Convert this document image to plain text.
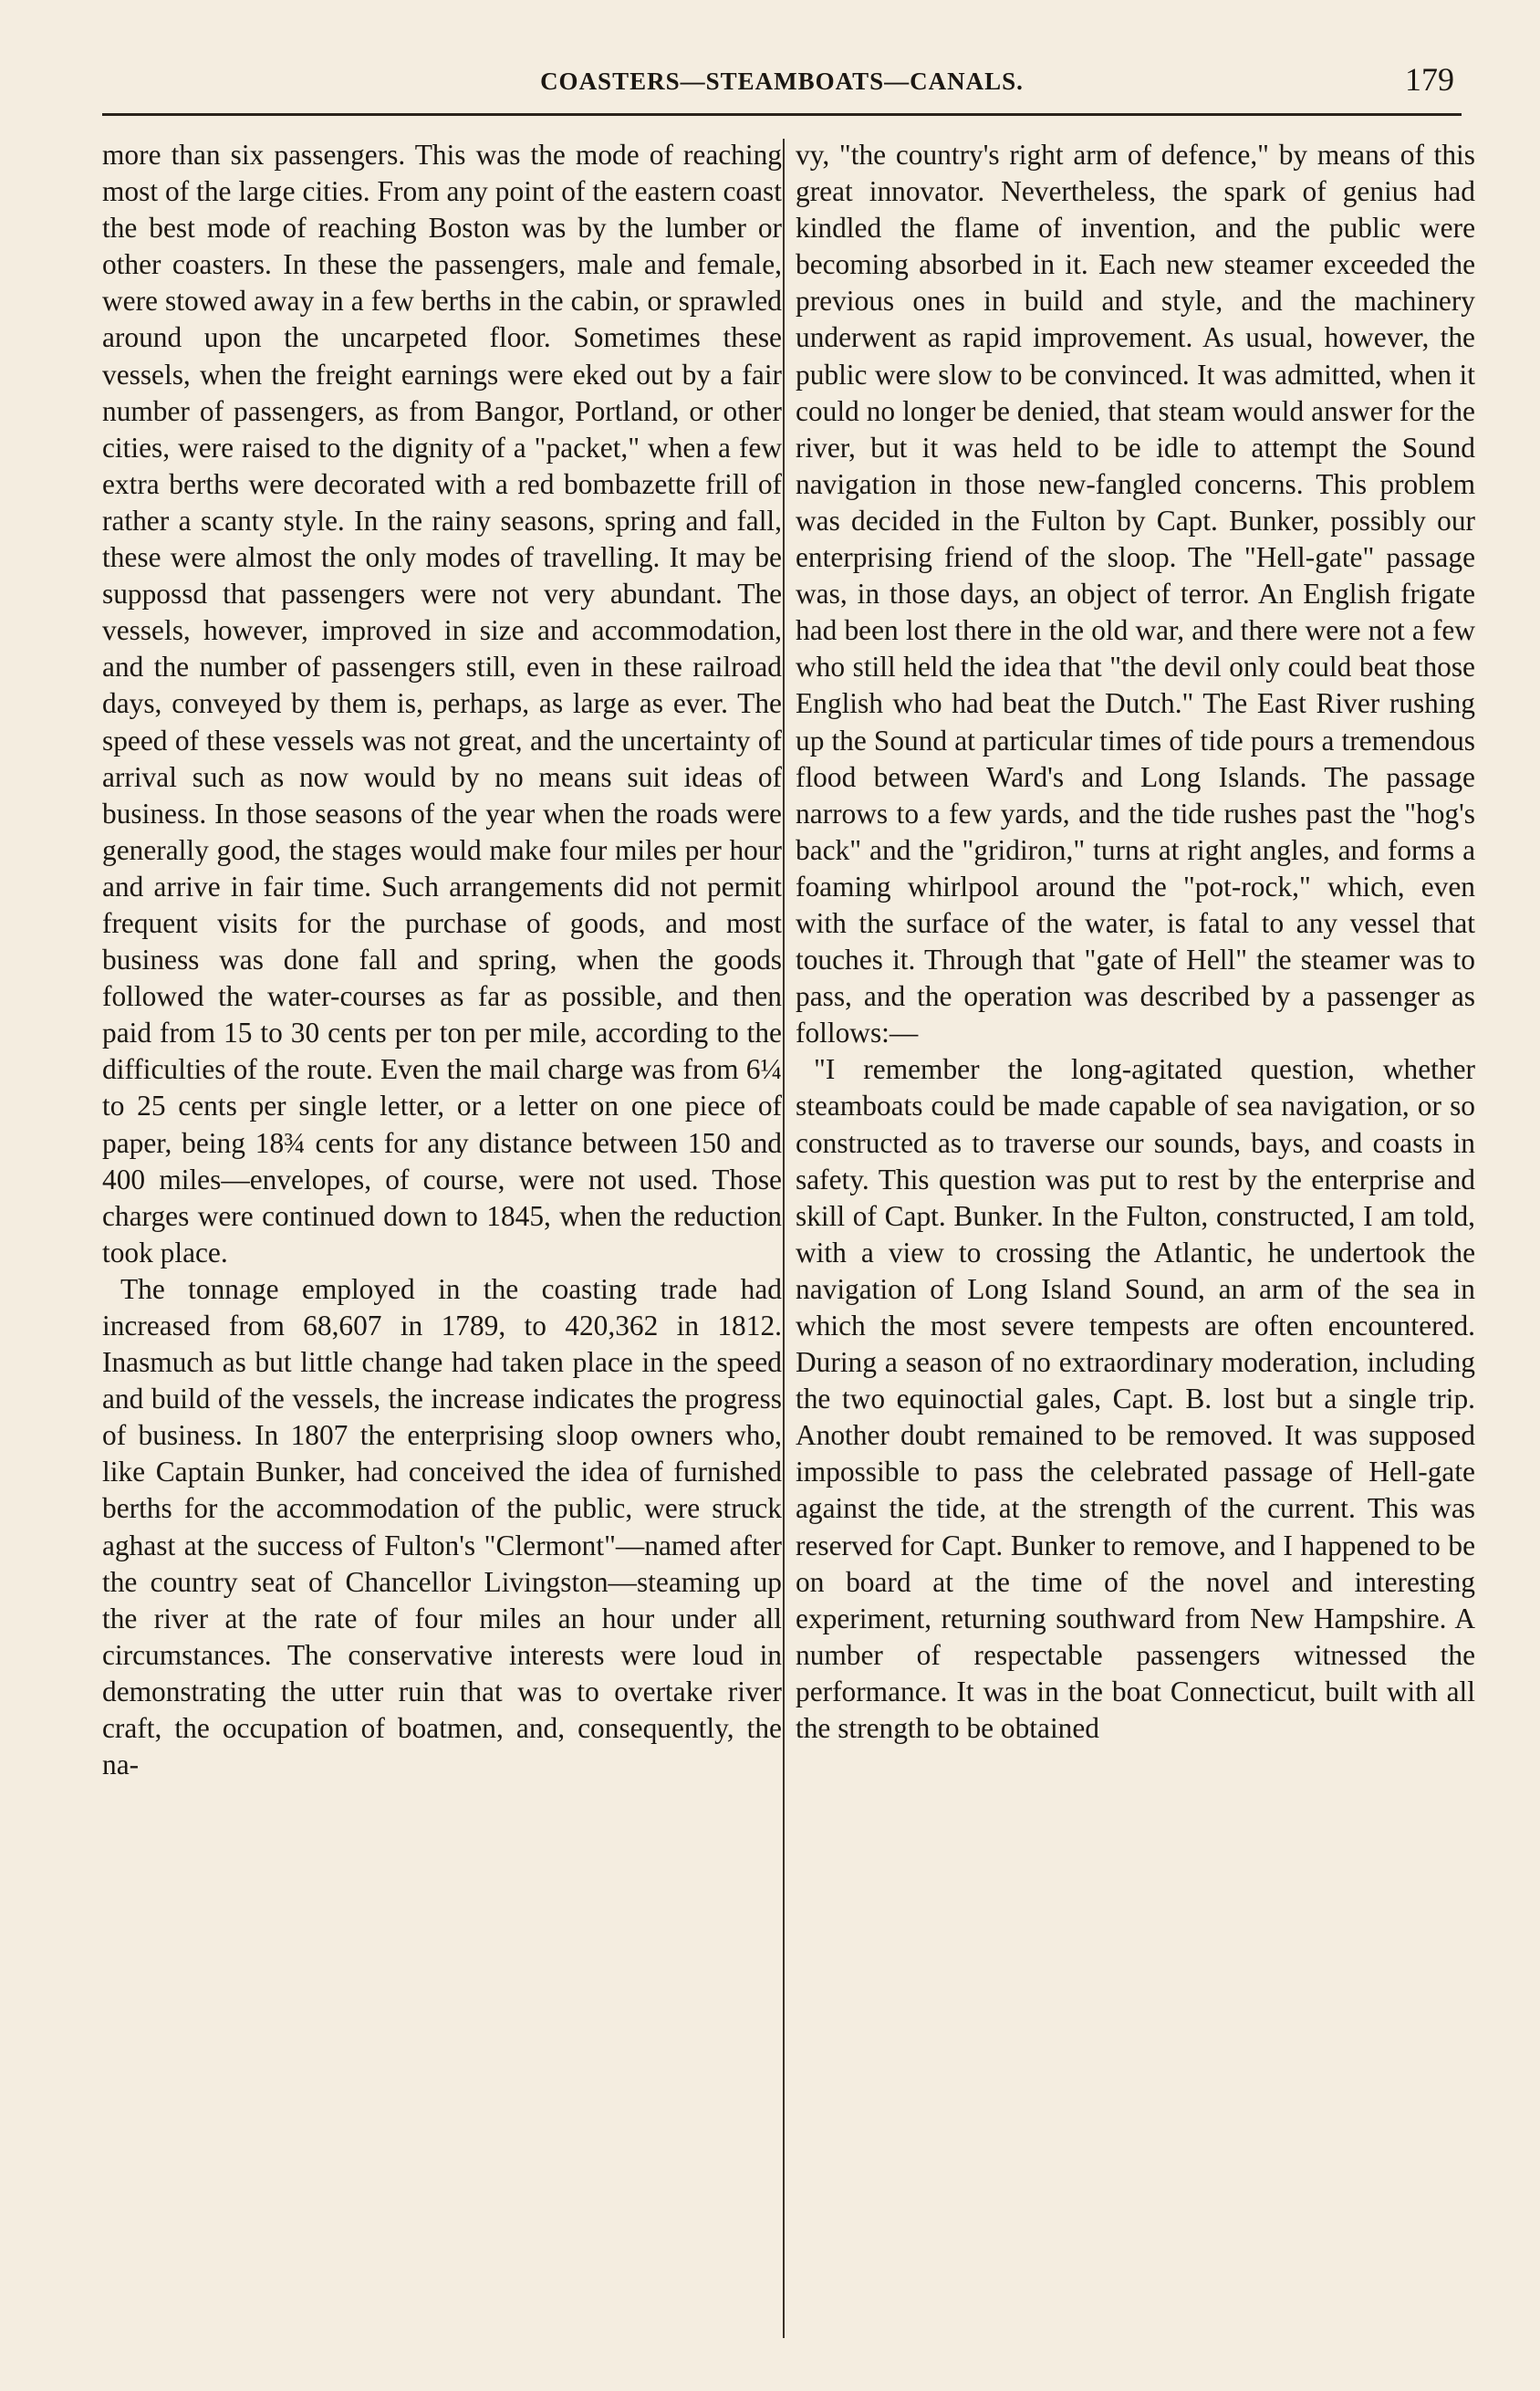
COASTERS—STEAMBOATS—CANALS.	179

more than six passengers. This was the mode of reaching most of the large cities. From any point of the eastern coast the best mode of reaching Boston was by the lumber or other coasters. In these the passengers, male and female, were stowed away in a few berths in the cabin, or sprawled around upon the uncarpeted floor. Sometimes these vessels, when the freight earnings were eked out by a fair number of passengers, as from Bangor, Portland, or other cities, were raised to the dignity of a "packet," when a few extra berths were decorated with a red bombazette frill of rather a scanty style. In the rainy seasons, spring and fall, these were almost the only modes of travelling. It may be suppossd that passengers were not very abundant. The vessels, however, improved in size and accommodation, and the number of passengers still, even in these railroad days, conveyed by them is, perhaps, as large as ever. The speed of these vessels was not great, and the uncertainty of arrival such as now would by no means suit ideas of business. In those seasons of the year when the roads were generally good, the stages would make four miles per hour and arrive in fair time. Such arrangements did not permit frequent visits for the purchase of goods, and most business was done fall and spring, when the goods followed the water-courses as far as possible, and then paid from 15 to 30 cents per ton per mile, according to the difficulties of the route. Even the mail charge was from 6¼ to 25 cents per single letter, or a letter on one piece of paper, being 18¾ cents for any distance between 150 and 400 miles—envelopes, of course, were not used. Those charges were continued down to 1845, when the reduction took place.

The tonnage employed in the coasting trade had increased from 68,607 in 1789, to 420,362 in 1812. Inasmuch as but little change had taken place in the speed and build of the vessels, the increase indicates the progress of business. In 1807 the enterprising sloop owners who, like Captain Bunker, had conceived the idea of furnished berths for the accommodation of the public, were struck aghast at the success of Fulton's "Clermont"—named after the country seat of Chancellor Livingston—steaming up the river at the rate of four miles an hour under all circumstances. The conservative interests were loud in demonstrating the utter ruin that was to overtake river craft, the occupation of boatmen, and, consequently, the na-

vy, "the country's right arm of defence," by means of this great innovator. Nevertheless, the spark of genius had kindled the flame of invention, and the public were becoming absorbed in it. Each new steamer exceeded the previous ones in build and style, and the machinery underwent as rapid improvement. As usual, however, the public were slow to be convinced. It was admitted, when it could no longer be denied, that steam would answer for the river, but it was held to be idle to attempt the Sound navigation in those new-fangled concerns. This problem was decided in the Fulton by Capt. Bunker, possibly our enterprising friend of the sloop. The "Hell-gate" passage was, in those days, an object of terror. An English frigate had been lost there in the old war, and there were not a few who still held the idea that "the devil only could beat those English who had beat the Dutch." The East River rushing up the Sound at particular times of tide pours a tremendous flood between Ward's and Long Islands. The passage narrows to a few yards, and the tide rushes past the "hog's back" and the "gridiron," turns at right angles, and forms a foaming whirlpool around the "pot-rock," which, even with the surface of the water, is fatal to any vessel that touches it. Through that "gate of Hell" the steamer was to pass, and the operation was described by a passenger as follows:—

"I remember the long-agitated question, whether steamboats could be made capable of sea navigation, or so constructed as to traverse our sounds, bays, and coasts in safety. This question was put to rest by the enterprise and skill of Capt. Bunker. In the Fulton, constructed, I am told, with a view to crossing the Atlantic, he undertook the navigation of Long Island Sound, an arm of the sea in which the most severe tempests are often encountered. During a season of no extraordinary moderation, including the two equinoctial gales, Capt. B. lost but a single trip. Another doubt remained to be removed. It was supposed impossible to pass the celebrated passage of Hell-gate against the tide, at the strength of the current. This was reserved for Capt. Bunker to remove, and I happened to be on board at the time of the novel and interesting experiment, returning southward from New Hampshire. A number of respectable passengers witnessed the performance. It was in the boat Connecticut, built with all the strength to be obtained
